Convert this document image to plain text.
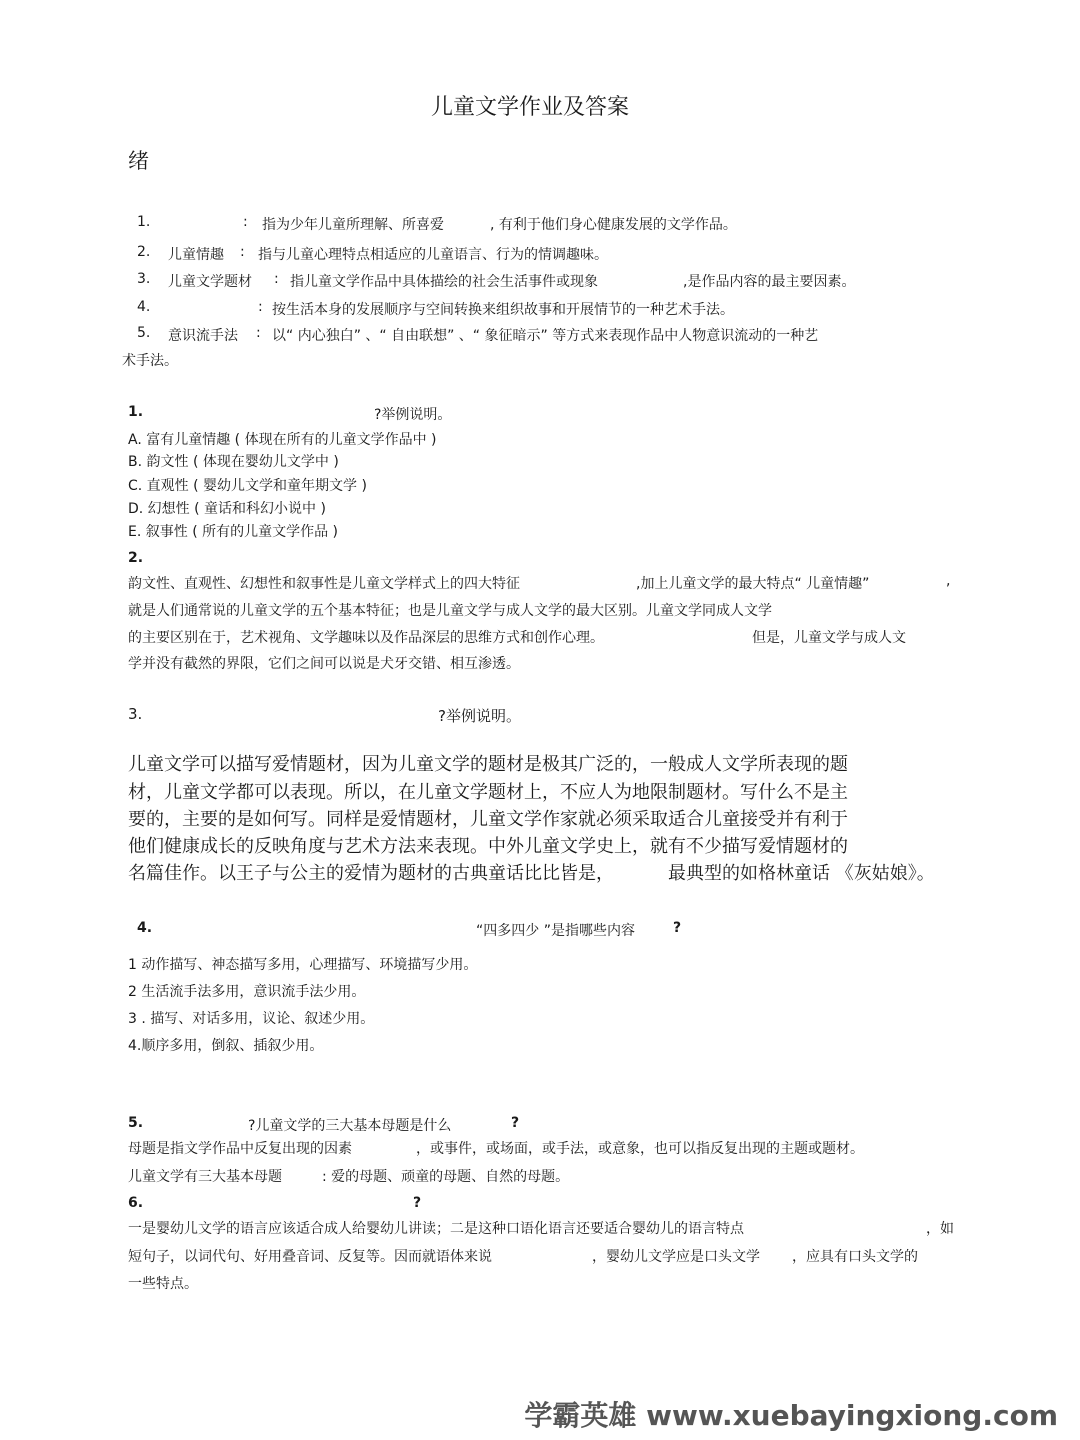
儿童文学作业及答案
绪
1.	: 指为少年儿童所理解、所喜爱	, 有利于他们身心健康发展的文学作品。
2. 儿童情趣 : 指与儿童心理特点相适应的儿童语言、行为的情调趣味。
3. 儿童文学题材 : 指儿童文学作品中具体描绘的社会生活事件或现象	,是作品内容的最主要因素。
4.	: 按生活本身的发展顺序与空间转换来组织故事和开展情节的一种艺术手法。
5. 意识流手法 : 以“ 内心独白” 、“ 自由联想” 、“ 象征暗示” 等方式来表现作品中人物意识流动的一种艺
术手法。
1.	?举例说明。
A. 富有儿童情趣 ( 体现在所有的儿童文学作品中 )
B. 韵文性 ( 体现在婴幼儿文学中 )
C. 直观性 ( 婴幼儿文学和童年期文学 )
D. 幻想性 ( 童话和科幻小说中 )
E. 叙事性 ( 所有的儿童文学作品 )
2.
韵文性、直观性、幻想性和叙事性是儿童文学样式上的四大特征	,加上儿童文学的最大特点“ 儿童情趣”	,
就是人们通常说的儿童文学的五个基本特征；也是儿童文学与成人文学的最大区别。儿童文学同成人文学
的主要区别在于，艺术视角、文学趣味以及作品深层的思维方式和创作心理。	但是，儿童文学与成人文
学并没有截然的界限，它们之间可以说是犬牙交错、相互渗透。
3.	?举例说明。
儿童文学可以描写爱情题材，因为儿童文学的题材是极其广泛的，一般成人文学所表现的题
材，儿童文学都可以表现。所以，在儿童文学题材上，不应人为地限制题材。写什么不是主
要的，主要的是如何写。同样是爱情题材，儿童文学作家就必须采取适合儿童接受并有利于
他们健康成长的反映角度与艺术方法来表现。中外儿童文学史上，就有不少描写爱情题材的
名篇佳作。以王子与公主的爱情为题材的古典童话比比皆是，	最典型的如格林童话 《灰姑娘》。
4.	“四多四少 ”是指哪些内容	?
1 动作描写、神态描写多用，心理描写、环境描写少用。
2 生活流手法多用，意识流手法少用。
3 . 描写、对话多用，议论、叙述少用。
4.顺序多用，倒叙、插叙少用。
5.	?儿童文学的三大基本母题是什么	?
母题是指文学作品中反复出现的因素	，或事件，或场面，或手法，或意象，也可以指反复出现的主题或题材。
儿童文学有三大基本母题	: 爱的母题、顽童的母题、自然的母题。
6.	?
一是婴幼儿文学的语言应该适合成人给婴幼儿讲读；二是这种口语化语言还要适合婴幼儿的语言特点	，如
短句子，以词代句、好用叠音词、反复等。因而就语体来说	，婴幼儿文学应是口头文学 ，应具有口头文学的
一些特点。
学霸英雄 www.xuebayingxiong.com
